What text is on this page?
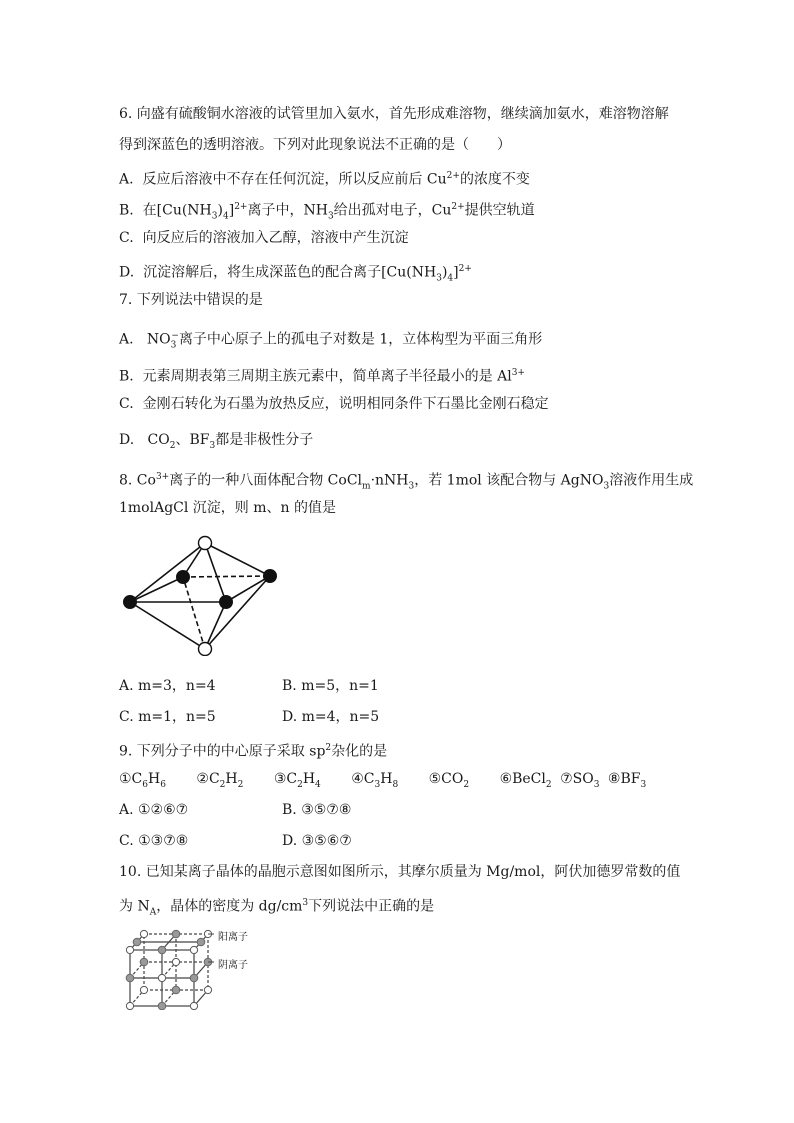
6. 向盛有硫酸铜水溶液的试管里加入氨水，首先形成难溶物，继续滴加氨水，难溶物溶解
得到深蓝色的透明溶液。下列对此现象说法不正确的是（　　）
A. 反应后溶液中不存在任何沉淀，所以反应前后 $Cu^{2+}$的浓度不变
B. 在$[Cu(NH_3)_4]^{2+}$离子中，$NH_3$给出孤对电子，$Cu^{2+}$提供空轨道
C. 向反应后的溶液加入乙醇，溶液中产生沉淀
D. 沉淀溶解后，将生成深蓝色的配合离子$[Cu(NH_3)_4]^{2+}$
7. 下列说法中错误的是
A. $NO_3^-$离子中心原子上的孤电子对数是 1，立体构型为平面三角形
B. 元素周期表第三周期主族元素中，简单离子半径最小的是 $Al^{3+}$
C. 金刚石转化为石墨为放热反应，说明相同条件下石墨比金刚石稳定
D. $CO_2$、$BF_3$都是非极性分子
8. $Co^{3+}$离子的一种八面体配合物 CoCl$_m$·nNH$_3$，若 1mol 该配合物与 AgNO$_3$溶液作用生成
1molAgCl 沉淀，则 m、n 的值是
A. m=3，n=4	B. m=5，n=1
C. m=1，n=5	D. m=4，n=5
9. 下列分子中的中心原子采取 $sp^2$杂化的是
$①C_6H_6$ $②C_2H_2$ $③C_2H_4$ $④C_3H_8$ $⑤CO_2$ ⑥BeCl$_2$ $⑦SO_3$ $⑧BF_3$
A. ①②⑥⑦	B. ③⑤⑦⑧
C. ①③⑦⑧	D. ③⑤⑥⑦
10. 已知某离子晶体的晶胞示意图如图所示，其摩尔质量为 Mg/mol，阿伏加德罗常数的值
为 $N_A$，晶体的密度为 $dg/cm^3$下列说法中正确的是
阳离子
阴离子
